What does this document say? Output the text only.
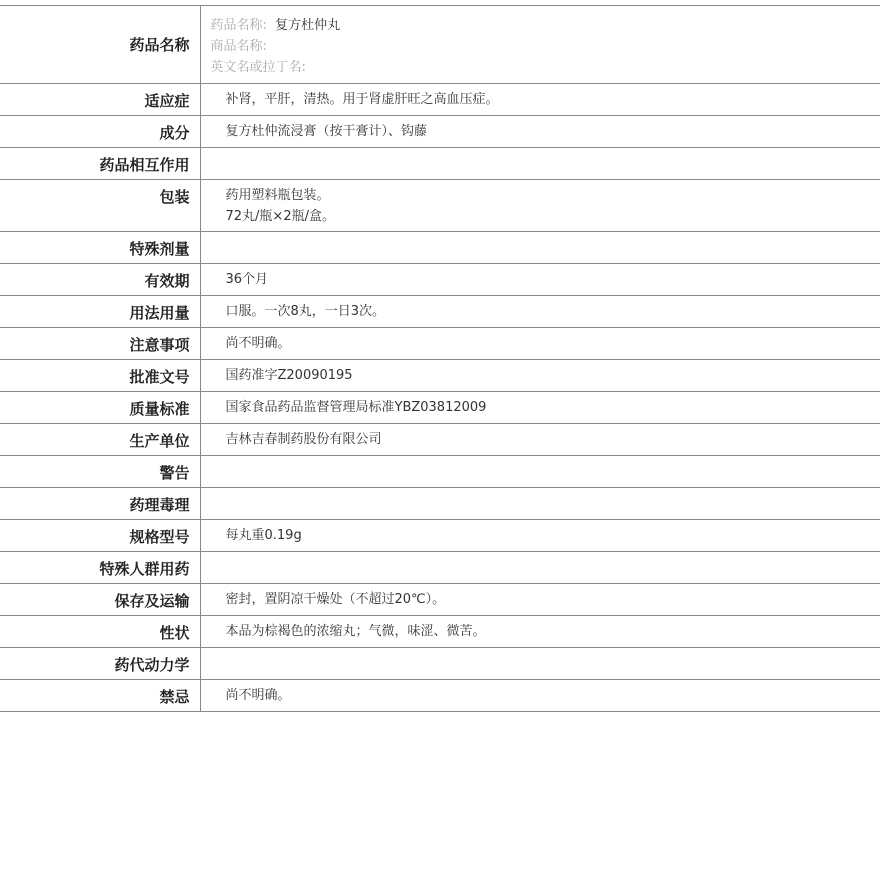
药品名称	药品名称: 复方杜仲丸
商品名称:
英文名或拉丁名:

适应症	补肾，平肝，清热。用于肾虚肝旺之高血压症。
成分	复方杜仲流浸膏（按干膏计）、钩藤
药品相互作用	
包装	药用塑料瓶包装。
72丸/瓶×2瓶/盒。

特殊剂量	
有效期	36个月
用法用量	口服。一次8丸，一日3次。
注意事项	尚不明确。
批准文号	国药准字Z20090195
质量标准	国家食品药品监督管理局标准YBZ03812009
生产单位	吉林吉春制药股份有限公司
警告	
药理毒理	
规格型号	每丸重0.19g
特殊人群用药	
保存及运输	密封，置阴凉干燥处（不超过20℃）。
性状	本品为棕褐色的浓缩丸；气微，味涩、微苦。
药代动力学	
禁忌	尚不明确。
